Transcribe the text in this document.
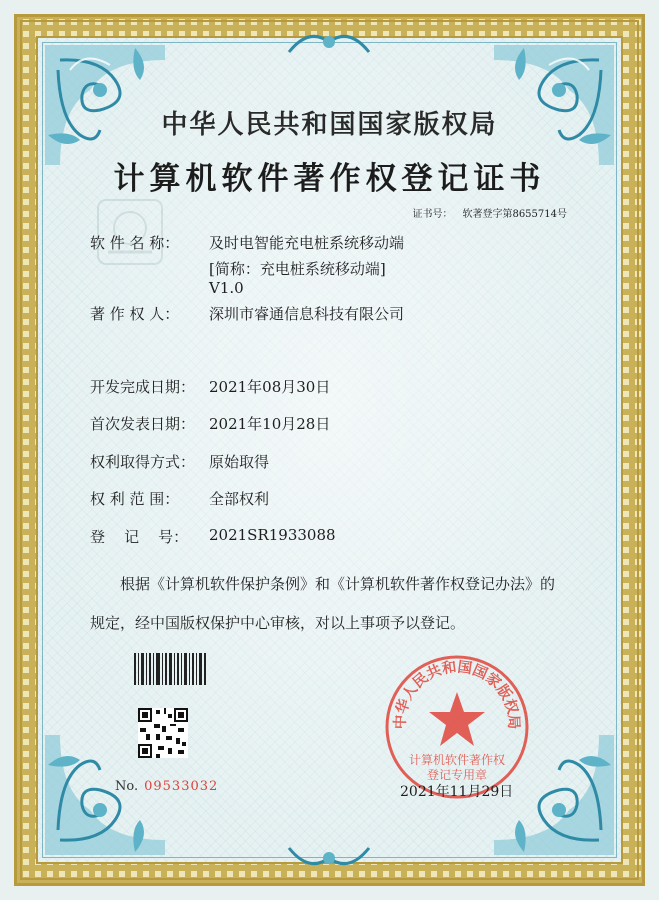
中华人民共和国国家版权局
计算机软件著作权登记证书
证书号： 软著登字第8655714号
软 件 名 称：	及时电智能充电桩系统移动端
[简称：充电桩系统移动端]
V1.0
著 作 权 人：	深圳市睿通信息科技有限公司
开发完成日期： 2021年08月30日
首次发表日期： 2021年10月28日
权利取得方式： 原始取得
权 利 范 围：	全部权利
登    记    号：	2021SR1933088
根据《计算机软件保护条例》和《计算机软件著作权登记办法》的
规定，经中国版权保护中心审核，对以上事项予以登记。
No. 09533032
中华人民共和国国家版权局
计算机软件著作权
登记专用章
2021年11月29日
